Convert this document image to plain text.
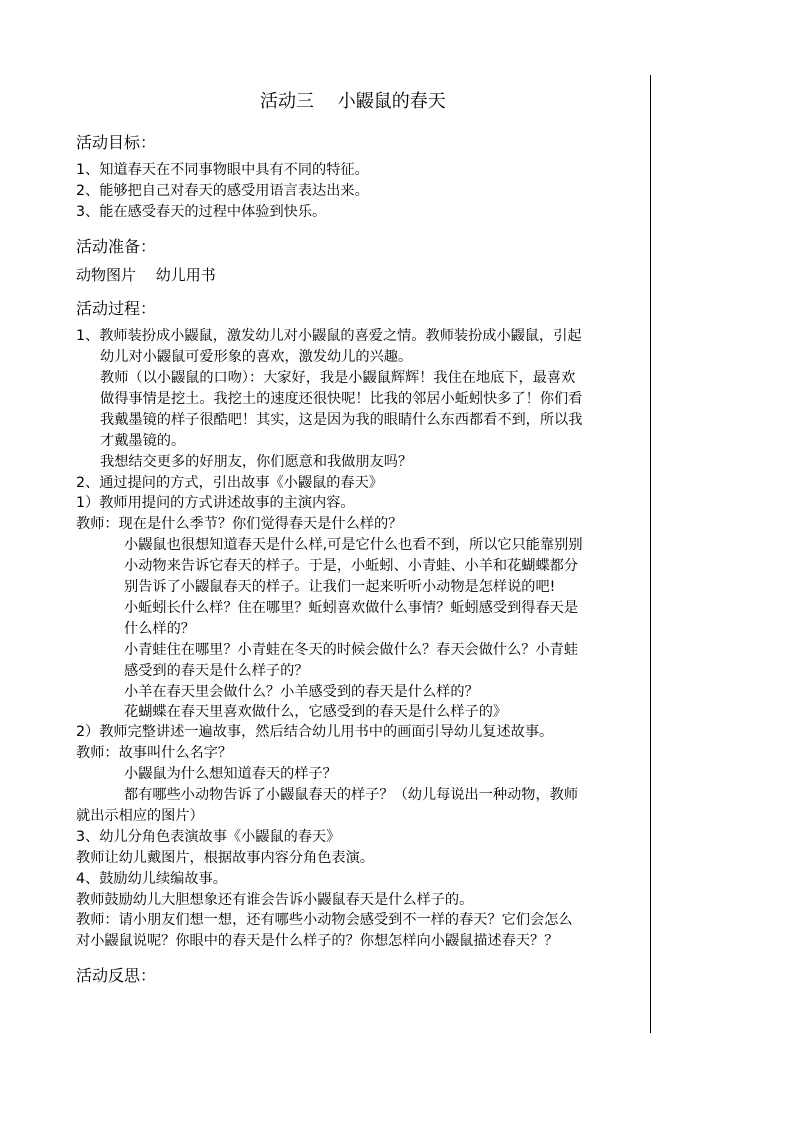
活动三　 小鼹鼠的春天
活动目标：
1、知道春天在不同事物眼中具有不同的特征。
2、能够把自己对春天的感受用语言表达出来。
3、能在感受春天的过程中体验到快乐。
活动准备：
动物图片　 幼儿用书
活动过程：
1、教师装扮成小鼹鼠，激发幼儿对小鼹鼠的喜爱之情。教师装扮成小鼹鼠，引起
幼儿对小鼹鼠可爱形象的喜欢，激发幼儿的兴趣。
教师（以小鼹鼠的口吻）：大家好，我是小鼹鼠辉辉！我住在地底下，最喜欢
做得事情是挖土。我挖土的速度还很快呢！比我的邻居小蚯蚓快多了！你们看
我戴墨镜的样子很酷吧！其实，这是因为我的眼睛什么东西都看不到，所以我
才戴墨镜的。
我想结交更多的好朋友，你们愿意和我做朋友吗？
2、通过提问的方式，引出故事《小鼹鼠的春天》
1）教师用提问的方式讲述故事的主演内容。
教师：现在是什么季节？你们觉得春天是什么样的？
小鼹鼠也很想知道春天是什么样,可是它什么也看不到，所以它只能靠别别
小动物来告诉它春天的样子。于是，小蚯蚓、小青蛙、小羊和花蝴蝶都分
别告诉了小鼹鼠春天的样子。让我们一起来听听小动物是怎样说的吧!
小蚯蚓长什么样？住在哪里？蚯蚓喜欢做什么事情？蚯蚓感受到得春天是
什么样的？
小青蛙住在哪里？小青蛙在冬天的时候会做什么？春天会做什么？小青蛙
感受到的春天是什么样子的？
小羊在春天里会做什么？小羊感受到的春天是什么样的？
花蝴蝶在春天里喜欢做什么，它感受到的春天是什么样子的》
2）教师完整讲述一遍故事，然后结合幼儿用书中的画面引导幼儿复述故事。
教师：故事叫什么名字？
小鼹鼠为什么想知道春天的样子？
都有哪些小动物告诉了小鼹鼠春天的样子？（幼儿每说出一种动物，教师
就出示相应的图片）
3、幼儿分角色表演故事《小鼹鼠的春天》
教师让幼儿戴图片，根据故事内容分角色表演。
4、鼓励幼儿续编故事。
教师鼓励幼儿大胆想象还有谁会告诉小鼹鼠春天是什么样子的。
教师：请小朋友们想一想，还有哪些小动物会感受到不一样的春天？它们会怎么
对小鼹鼠说呢？你眼中的春天是什么样子的？你想怎样向小鼹鼠描述春天？？
活动反思：
